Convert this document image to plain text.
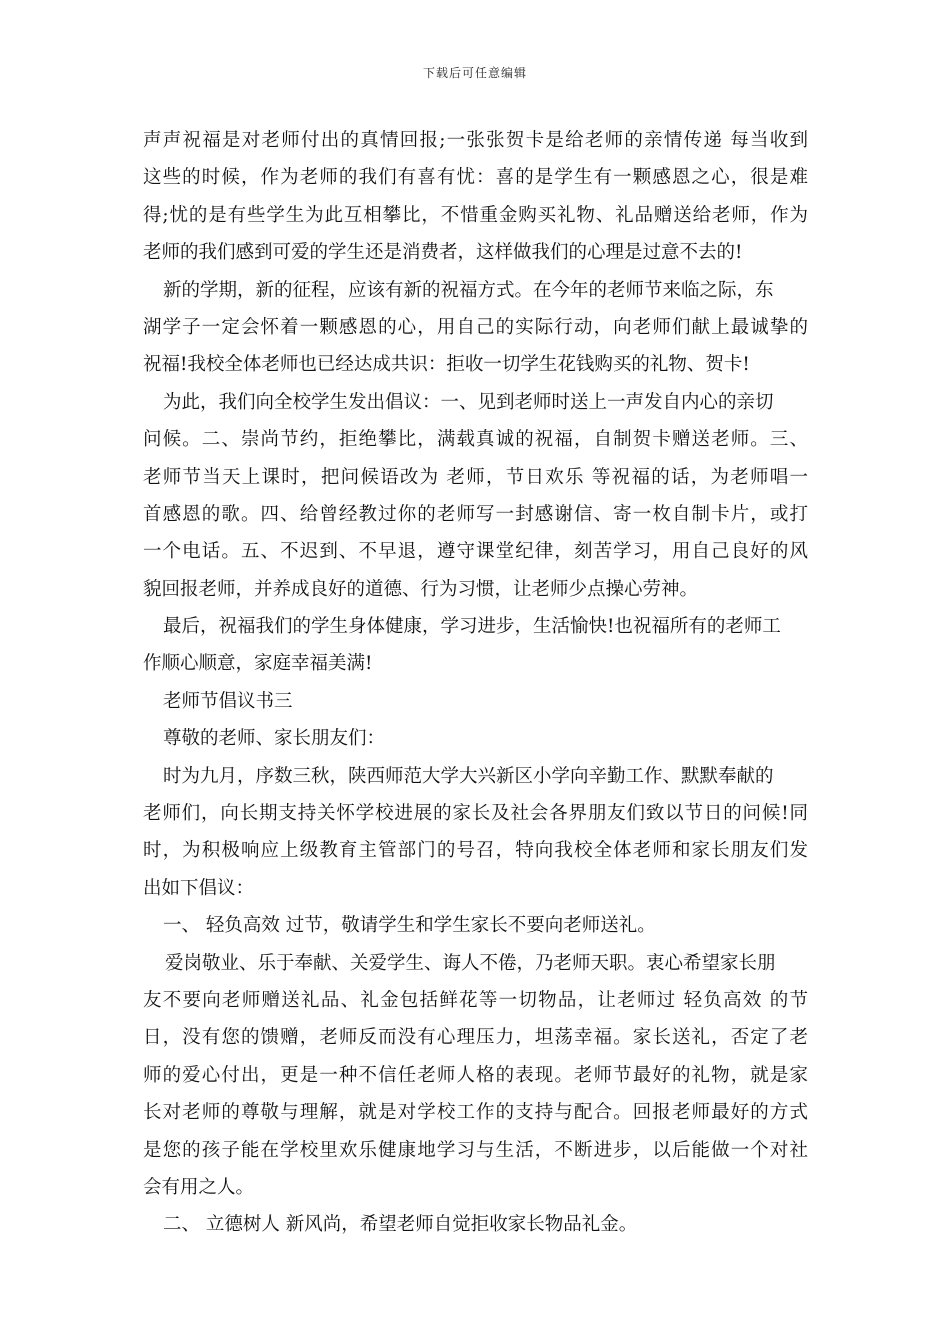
下载后可任意编辑
声声祝福是对老师付出的真情回报;一张张贺卡是给老师的亲情传递 每当收到
这些的时候，作为老师的我们有喜有忧：喜的是学生有一颗感恩之心，很是难
得;忧的是有些学生为此互相攀比，不惜重金购买礼物、礼品赠送给老师，作为
老师的我们感到可爱的学生还是消费者，这样做我们的心理是过意不去的!
新的学期，新的征程，应该有新的祝福方式。在今年的老师节来临之际，东
湖学子一定会怀着一颗感恩的心，用自己的实际行动，向老师们献上最诚挚的
祝福!我校全体老师也已经达成共识：拒收一切学生花钱购买的礼物、贺卡!
为此，我们向全校学生发出倡议：一、见到老师时送上一声发自内心的亲切
问候。二、崇尚节约，拒绝攀比，满载真诚的祝福，自制贺卡赠送老师。三、
老师节当天上课时，把问候语改为 老师，节日欢乐 等祝福的话，为老师唱一
首感恩的歌。四、给曾经教过你的老师写一封感谢信、寄一枚自制卡片，或打
一个电话。五、不迟到、不早退，遵守课堂纪律，刻苦学习，用自己良好的风
貌回报老师，并养成良好的道德、行为习惯，让老师少点操心劳神。
最后，祝福我们的学生身体健康，学习进步，生活愉快!也祝福所有的老师工
作顺心顺意，家庭幸福美满!
老师节倡议书三
尊敬的老师、家长朋友们：
时为九月，序数三秋，陕西师范大学大兴新区小学向辛勤工作、默默奉献的
老师们，向长期支持关怀学校进展的家长及社会各界朋友们致以节日的问候!同
时，为积极响应上级教育主管部门的号召，特向我校全体老师和家长朋友们发
出如下倡议：
一、 轻负高效 过节，敬请学生和学生家长不要向老师送礼。
爱岗敬业、乐于奉献、关爱学生、诲人不倦，乃老师天职。衷心希望家长朋
友不要向老师赠送礼品、礼金包括鲜花等一切物品，让老师过 轻负高效 的节
日，没有您的馈赠，老师反而没有心理压力，坦荡幸福。家长送礼，否定了老
师的爱心付出，更是一种不信任老师人格的表现。老师节最好的礼物，就是家
长对老师的尊敬与理解，就是对学校工作的支持与配合。回报老师最好的方式
是您的孩子能在学校里欢乐健康地学习与生活，不断进步，以后能做一个对社
会有用之人。
二、 立德树人 新风尚，希望老师自觉拒收家长物品礼金。
